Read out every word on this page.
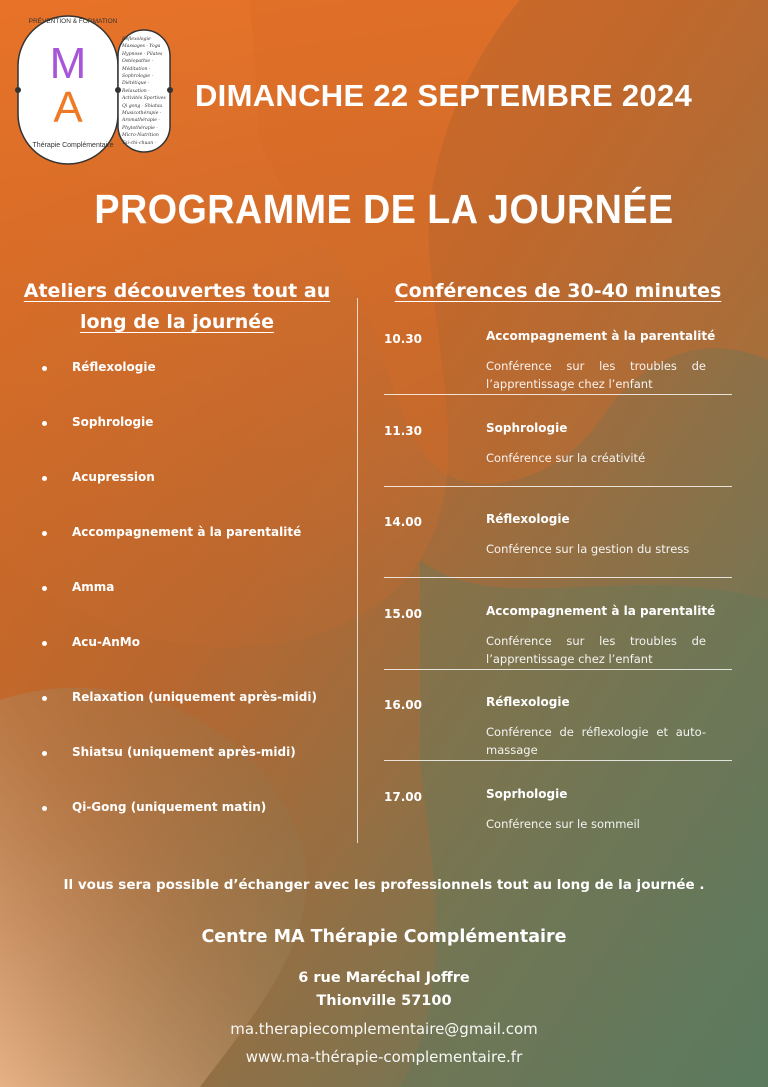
PRÉVENTION & FORMATION
M
A
Thérapie Complémentaire
Réflexologie
Massages · Yoga
Hypnose · Pilates
Ostéopathie ·
Méditation ·
Sophrologie ·
Diététique ·
Relaxation ·
Activités Sportives
Qi gong · Shiatsu
Musicothérapie ·
Aromathérapie ·
Phytothérapie ·
Micro-Nutrition
Tai-chi-chuan ·
DIMANCHE 22 SEPTEMBRE 2024
PROGRAMME DE LA JOURNÉE
Ateliers découvertes tout au
long de la journée
Réflexologie
Sophrologie
Acupression
Accompagnement à la parentalité
Amma
Acu-AnMo
Relaxation (uniquement après-midi)
Shiatsu (uniquement après-midi)
Qi-Gong (uniquement matin)
Conférences de 30-40 minutes
10.30	Accompagnement à la parentalité
Conférence sur les troubles de l’apprentissage chez l’enfant
11.30	Sophrologie
Conférence sur la créativité
14.00	Réflexologie
Conférence sur la gestion du stress
15.00	Accompagnement à la parentalité
Conférence sur les troubles de l’apprentissage chez l’enfant
16.00	Réflexologie
Conférence de réflexologie et auto-massage
17.00	Soprhologie
Conférence sur le sommeil
Il vous sera possible d’échanger avec les professionnels tout au long de la journée .
Centre MA Thérapie Complémentaire
6 rue Maréchal Joffre
Thionville 57100
ma.therapiecomplementaire@gmail.com
www.ma-thérapie-complementaire.fr
